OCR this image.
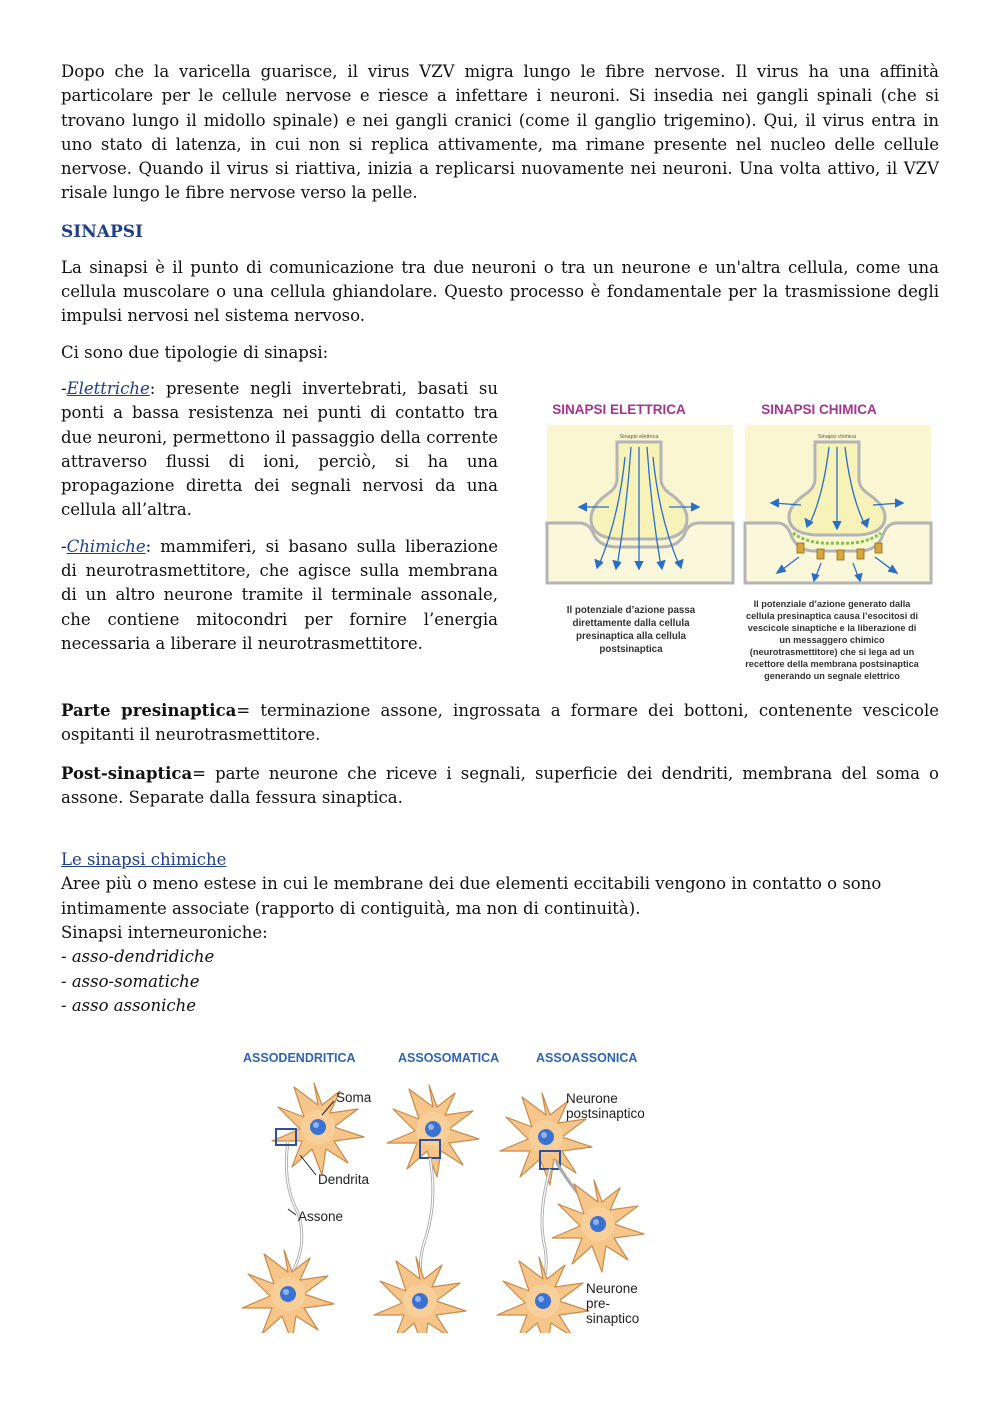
Dopo che la varicella guarisce, il virus VZV migra lungo le fibre nervose. Il virus ha una affinità particolare per le cellule nervose e riesce a infettare i neuroni. Si insedia nei gangli spinali (che si trovano lungo il midollo spinale) e nei gangli cranici (come il ganglio trigemino). Qui, il virus entra in uno stato di latenza, in cui non si replica attivamente, ma rimane presente nel nucleo delle cellule nervose. Quando il virus si riattiva, inizia a replicarsi nuovamente nei neuroni. Una volta attivo, il VZV risale lungo le fibre nervose verso la pelle.

SINAPSI

La sinapsi è il punto di comunicazione tra due neuroni o tra un neurone e un'altra cellula, come una cellula muscolare o una cellula ghiandolare. Questo processo è fondamentale per la trasmissione degli impulsi nervosi nel sistema nervoso.

Ci sono due tipologie di sinapsi:

-Elettriche: presente negli invertebrati, basati su ponti a bassa resistenza nei punti di contatto tra due neuroni, permettono il passaggio della corrente attraverso flussi di ioni, perciò, si ha una propagazione diretta dei segnali nervosi da una cellula all’altra.

-Chimiche: mammiferi, si basano sulla liberazione di neurotrasmettitore, che agisce sulla membrana di un altro neurone tramite il terminale assonale, che contiene mitocondri per fornire l’energia necessaria a liberare il neurotrasmettitore.

SINAPSI ELETTRICA	SINAPSI CHIMICA
Sinapsi elettrica	Sinapsi chimica
Il potenziale d’azione passa
direttamente dalla cellula
presinaptica alla cellula
postsinaptica
Il potenziale d’azione generato dalla
cellula presinaptica causa l’esocitosi di
vescicole sinaptiche e la liberazione di
un messaggero chimico
(neurotrasmettitore) che si lega ad un
recettore della membrana postsinaptica
generando un segnale elettrico

Parte presinaptica= terminazione assone, ingrossata a formare dei bottoni, contenente vescicole ospitanti il neurotrasmettitore.

Post-sinaptica= parte neurone che riceve i segnali, superficie dei dendriti, membrana del soma o assone. Separate dalla fessura sinaptica.

Le sinapsi chimiche

Aree più o meno estese in cui le membrane dei due elementi eccitabili vengono in contatto o sono intimamente associate (rapporto di contiguità, ma non di continuità).

Sinapsi interneuroniche:

- asso-dendridiche
- asso-somatiche
- asso assoniche
ASSODENDRITICA	ASSOSOMATICA	ASSOASSONICA
Soma
Dendrita
Assone
Neurone
postsinaptico
Neurone
pre-
sinaptico
